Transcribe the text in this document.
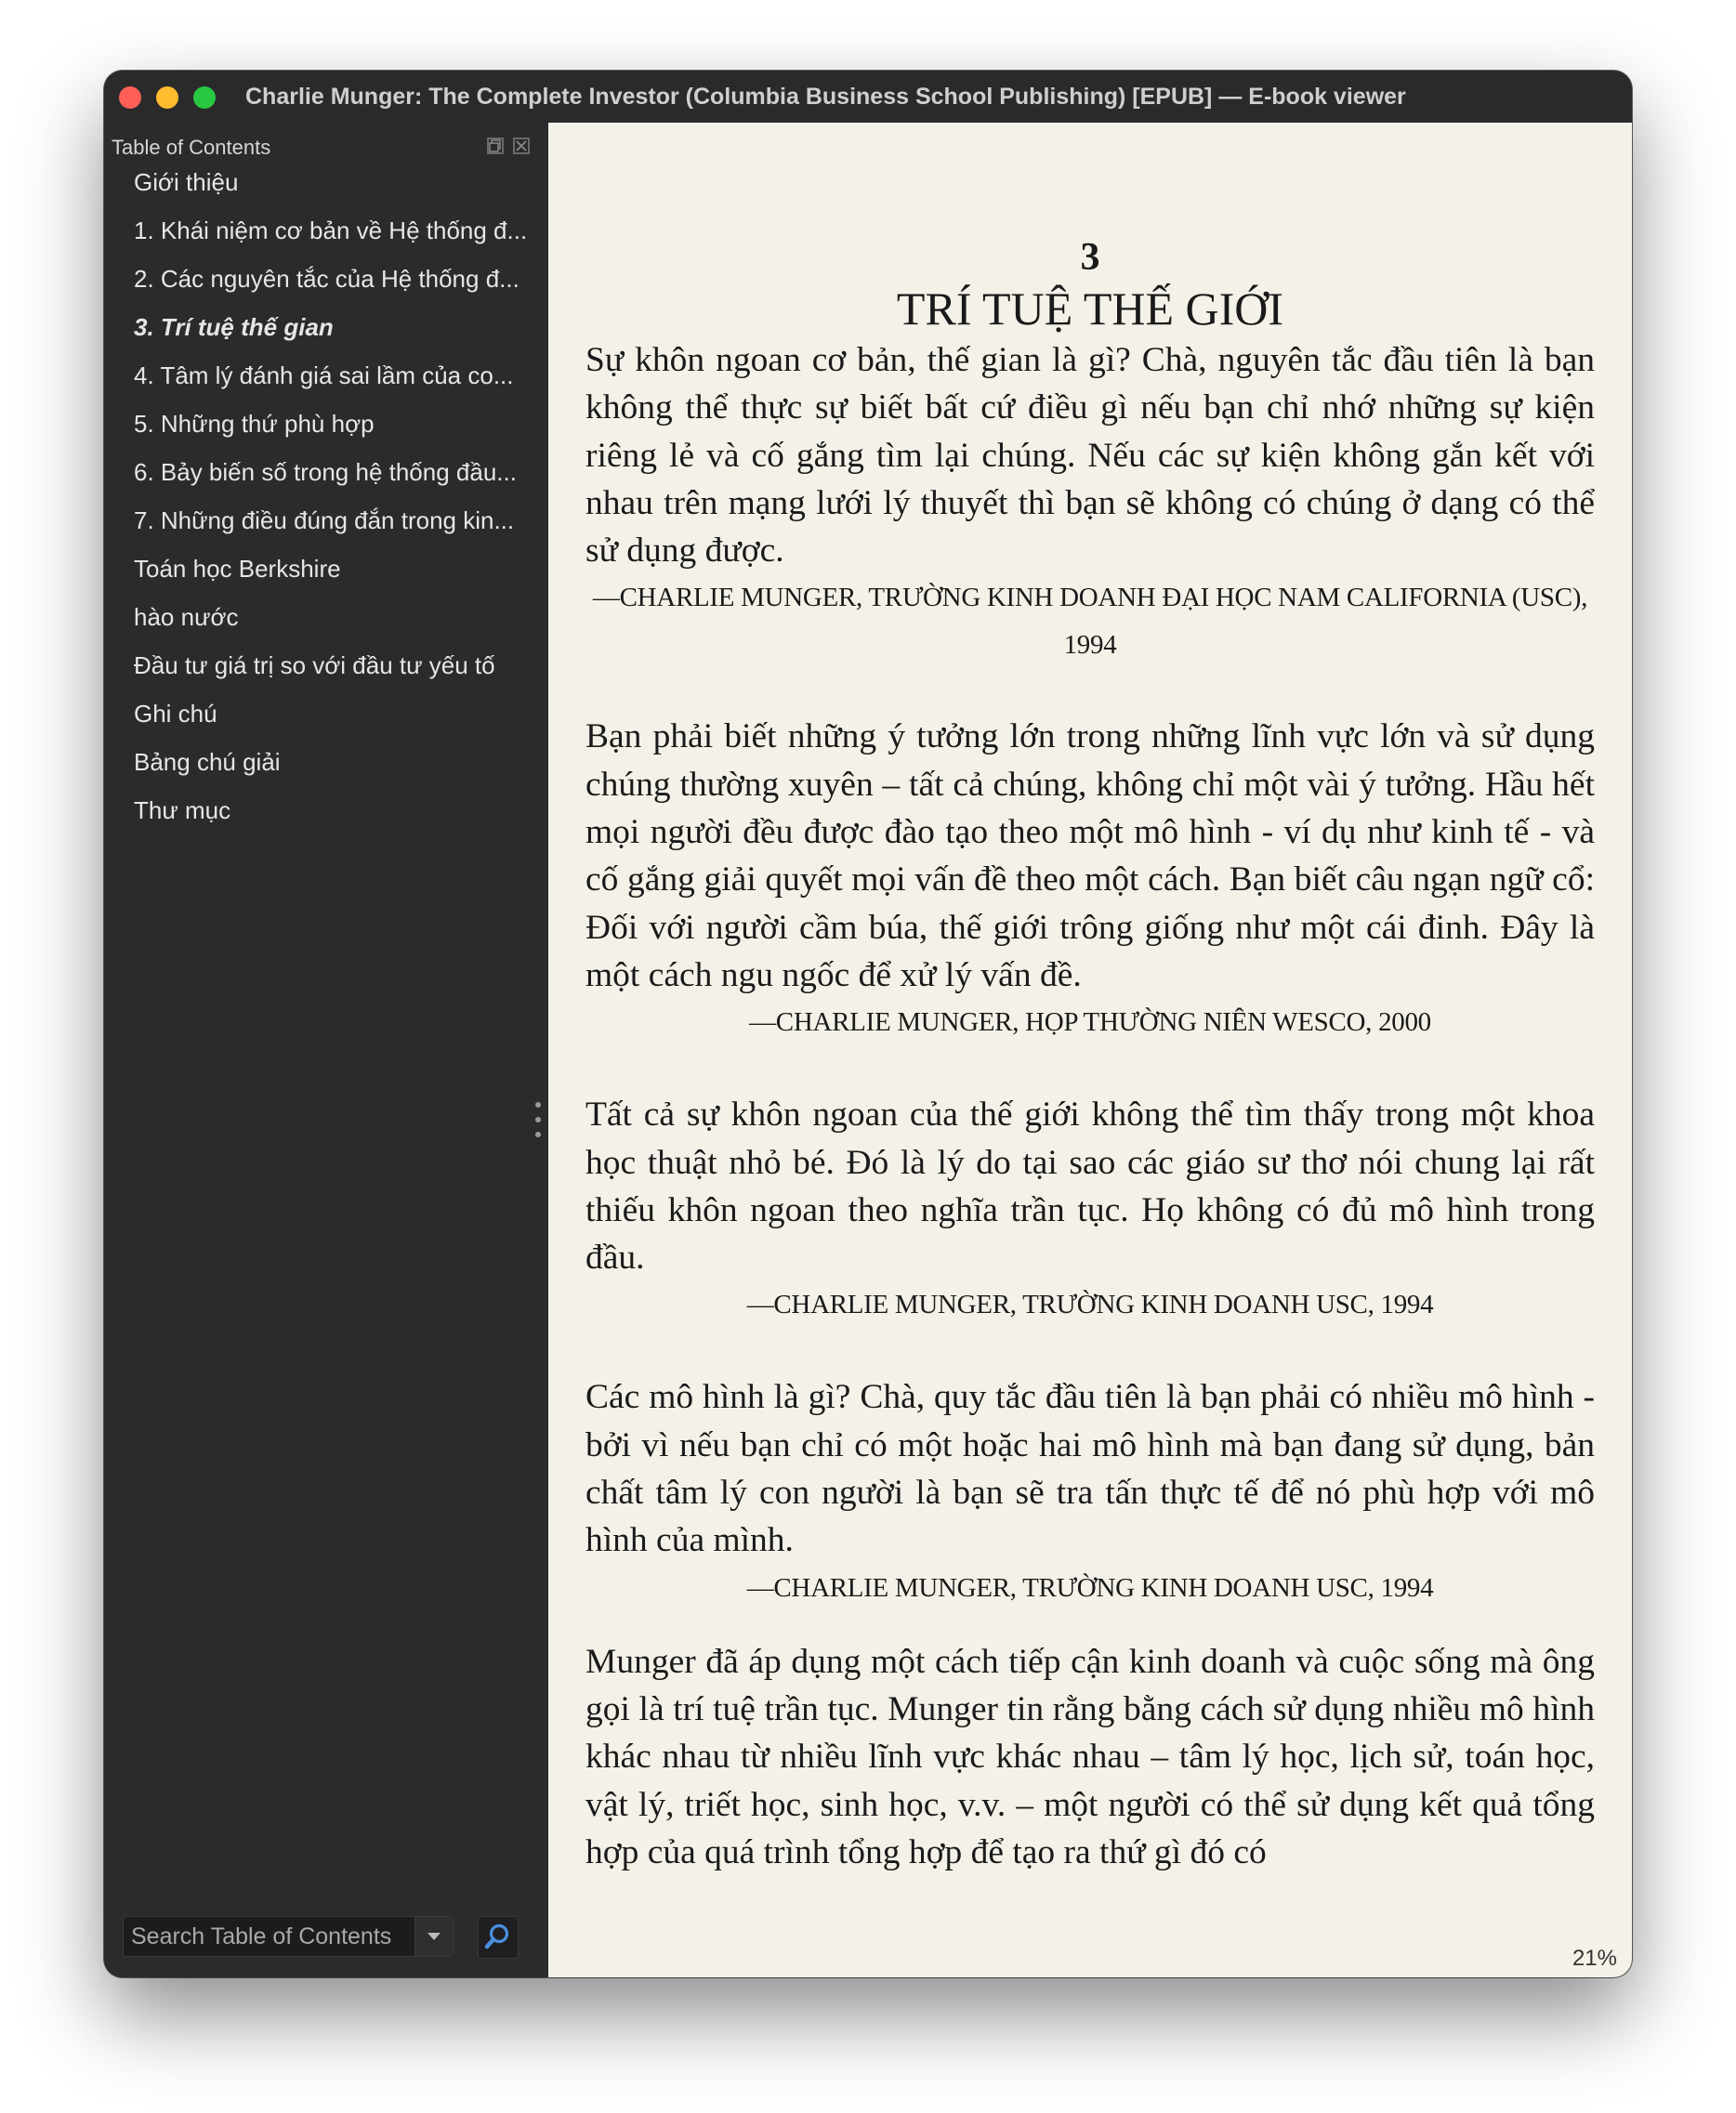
Charlie Munger: The Complete Investor (Columbia Business School Publishing) [EPUB] — E-book viewer
Table of Contents
Giới thiệu
1. Khái niệm cơ bản về Hệ thống đ...
2. Các nguyên tắc của Hệ thống đ...
3. Trí tuệ thế gian
4. Tâm lý đánh giá sai lầm của co...
5. Những thứ phù hợp
6. Bảy biến số trong hệ thống đầu...
7. Những điều đúng đắn trong kin...
Toán học Berkshire
hào nước
Đầu tư giá trị so với đầu tư yếu tố
Ghi chú
Bảng chú giải
Thư mục
Search Table of Contents
3
TRÍ TUỆ THẾ GIỚI

Sự khôn ngoan cơ bản, thế gian là gì? Chà, nguyên tắc đầu tiên là bạn không thể thực sự biết bất cứ điều gì nếu bạn chỉ nhớ những sự kiện riêng lẻ và cố gắng tìm lại chúng. Nếu các sự kiện không gắn kết với nhau trên mạng lưới lý thuyết thì bạn sẽ không có chúng ở dạng có thể sử dụng được.

—CHARLIE MUNGER, TRƯỜNG KINH DOANH ĐẠI HỌC NAM CALIFORNIA (USC), 1994

Bạn phải biết những ý tưởng lớn trong những lĩnh vực lớn và sử dụng chúng thường xuyên – tất cả chúng, không chỉ một vài ý tưởng. Hầu hết mọi người đều được đào tạo theo một mô hình - ví dụ như kinh tế - và cố gắng giải quyết mọi vấn đề theo một cách. Bạn biết câu ngạn ngữ cổ: Đối với người cầm búa, thế giới trông giống như một cái đinh. Đây là một cách ngu ngốc để xử lý vấn đề.

—CHARLIE MUNGER, HỌP THƯỜNG NIÊN WESCO, 2000

Tất cả sự khôn ngoan của thế giới không thể tìm thấy trong một khoa học thuật nhỏ bé. Đó là lý do tại sao các giáo sư thơ nói chung lại rất thiếu khôn ngoan theo nghĩa trần tục. Họ không có đủ mô hình trong đầu.

—CHARLIE MUNGER, TRƯỜNG KINH DOANH USC, 1994

Các mô hình là gì? Chà, quy tắc đầu tiên là bạn phải có nhiều mô hình - bởi vì nếu bạn chỉ có một hoặc hai mô hình mà bạn đang sử dụng, bản chất tâm lý con người là bạn sẽ tra tấn thực tế để nó phù hợp với mô hình của mình.

—CHARLIE MUNGER, TRƯỜNG KINH DOANH USC, 1994

Munger đã áp dụng một cách tiếp cận kinh doanh và cuộc sống mà ông gọi là trí tuệ trần tục. Munger tin rằng bằng cách sử dụng nhiều mô hình khác nhau từ nhiều lĩnh vực khác nhau – tâm lý học, lịch sử, toán học, vật lý, triết học, sinh học, v.v. – một người có thể sử dụng kết quả tổng hợp của quá trình tổng hợp để tạo ra thứ gì đó có

21%
